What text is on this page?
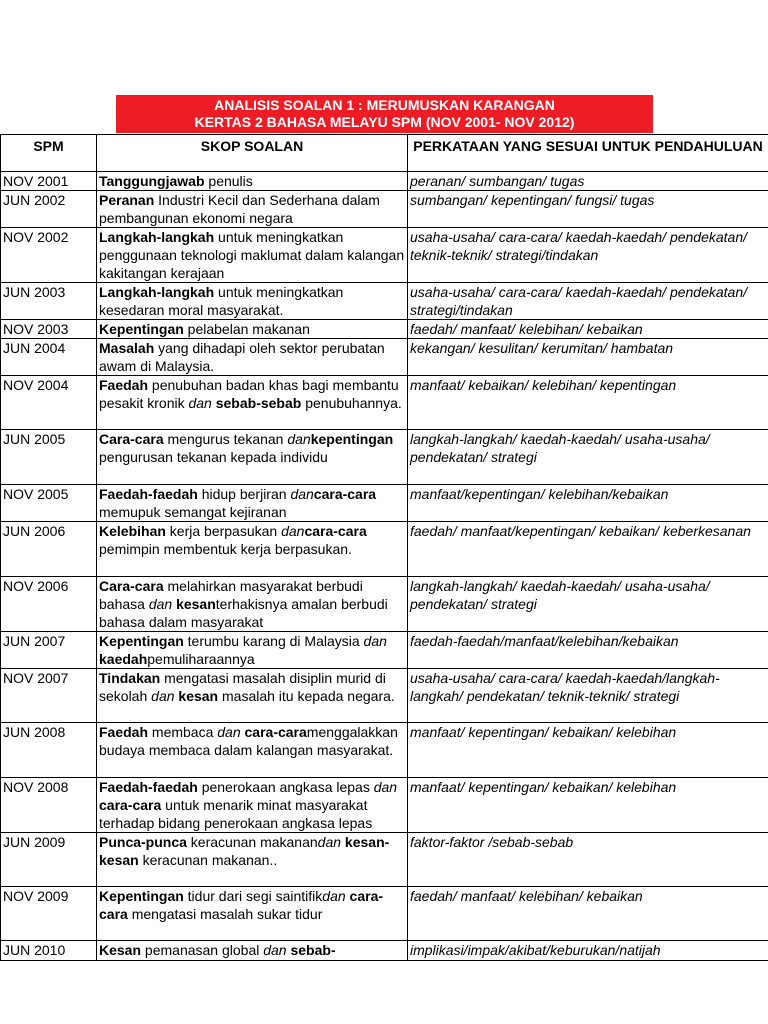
ANALISIS SOALAN 1 : MERUMUSKAN KARANGAN
KERTAS 2 BAHASA MELAYU SPM (NOV 2001- NOV 2012)
SPM	SKOP SOALAN	PERKATAAN YANG SESUAI UNTUK PENDAHULUAN
NOV 2001	Tanggungjawab penulis	peranan/ sumbangan/ tugas
JUN 2002	Peranan Industri Kecil dan Sederhana dalam pembangunan ekonomi negara	sumbangan/ kepentingan/ fungsi/ tugas
NOV 2002	Langkah-langkah untuk meningkatkan penggunaan teknologi maklumat dalam kalangan kakitangan kerajaan	usaha-usaha/ cara-cara/ kaedah-kaedah/ pendekatan/ teknik-teknik/ strategi/tindakan
JUN 2003	Langkah-langkah untuk meningkatkan kesedaran moral masyarakat.	usaha-usaha/ cara-cara/ kaedah-kaedah/ pendekatan/ strategi/tindakan
NOV 2003	Kepentingan pelabelan makanan	faedah/ manfaat/ kelebihan/ kebaikan
JUN 2004	Masalah yang dihadapi oleh sektor perubatan awam di Malaysia.	kekangan/ kesulitan/ kerumitan/ hambatan
NOV 2004	Faedah penubuhan badan khas bagi membantu pesakit kronik dan sebab-sebab penubuhannya.	manfaat/ kebaikan/ kelebihan/ kepentingan
JUN 2005	Cara-cara mengurus tekanan dankepentingan pengurusan tekanan kepada individu	langkah-langkah/ kaedah-kaedah/ usaha-usaha/ pendekatan/ strategi
NOV 2005	Faedah-faedah hidup berjiran dancara-cara memupuk semangat kejiranan	manfaat/kepentingan/ kelebihan/kebaikan
JUN 2006	Kelebihan kerja berpasukan dancara-cara pemimpin membentuk kerja berpasukan.	faedah/ manfaat/kepentingan/ kebaikan/ keberkesanan
NOV 2006	Cara-cara melahirkan masyarakat berbudi bahasa dan kesanterhakisnya amalan berbudi bahasa dalam masyarakat	langkah-langkah/ kaedah-kaedah/ usaha-usaha/ pendekatan/ strategi
JUN 2007	Kepentingan terumbu karang di Malaysia dan kaedahpemuliharaannya	faedah-faedah/manfaat/kelebihan/kebaikan
NOV 2007	Tindakan mengatasi masalah disiplin murid di sekolah dan kesan masalah itu kepada negara.	usaha-usaha/ cara-cara/ kaedah-kaedah/langkah-langkah/ pendekatan/ teknik-teknik/ strategi
JUN 2008	Faedah membaca dan cara-caramenggalakkan budaya membaca dalam kalangan masyarakat.	manfaat/ kepentingan/ kebaikan/ kelebihan
NOV 2008	Faedah-faedah penerokaan angkasa lepas dan cara-cara untuk menarik minat masyarakat terhadap bidang penerokaan angkasa lepas	manfaat/ kepentingan/ kebaikan/ kelebihan
JUN 2009	Punca-punca keracunan makanandan kesan-kesan keracunan makanan..	faktor-faktor /sebab-sebab
NOV 2009	Kepentingan tidur dari segi saintifikdan cara-cara mengatasi masalah sukar tidur	faedah/ manfaat/ kelebihan/ kebaikan
JUN 2010	Kesan pemanasan global dan sebab-	implikasi/impak/akibat/keburukan/natijah
